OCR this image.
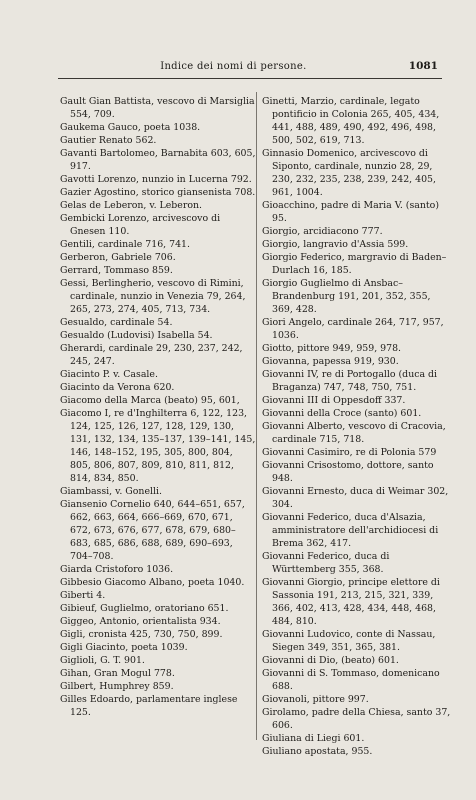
Indice dei nomi di persone.	1081

Gault Gian Battista, vescovo di Marsiglia 554, 709.

Gaukema Gauco, poeta 1038.

Gautier Renato 562.

Gavanti Bartolomeo, Barnabita 603, 605, 917.

Gavotti Lorenzo, nunzio in Lucerna 792.

Gazier Agostino, storico giansenista 708.

Gelas de Leberon, v. Leberon.

Gembicki Lorenzo, arcivescovo di Gnesen 110.

Gentili, cardinale 716, 741.

Gerberon, Gabriele 706.

Gerrard, Tommaso 859.

Gessi, Berlingherio, vescovo di Rimini, cardinale, nunzio in Venezia 79, 264, 265, 273, 274, 405, 713, 734.

Gesualdo, cardinale 54.

Gesualdo (Ludovisi) Isabella 54.

Gherardi, cardinale 29, 230, 237, 242, 245, 247.

Giacinto P. v. Casale.

Giacinto da Verona 620.

Giacomo della Marca (beato) 95, 601,

Giacomo I, re d'Inghilterra 6, 122, 123, 124, 125, 126, 127, 128, 129, 130, 131, 132, 134, 135–137, 139–141, 145, 146, 148–152, 195, 305, 800, 804, 805, 806, 807, 809, 810, 811, 812, 814, 834, 850.

Giambassi, v. Gonelli.

Giansenio Cornelio 640, 644–651, 657, 662, 663, 664, 666–669, 670, 671, 672, 673, 676, 677, 678, 679, 680–683, 685, 686, 688, 689, 690–693, 704–708.

Giarda Cristoforo 1036.

Gibbesio Giacomo Albano, poeta 1040.

Giberti 4.

Gibieuf, Guglielmo, oratoriano 651.

Giggeo, Antonio, orientalista 934.

Gigli, cronista 425, 730, 750, 899.

Gigli Giacinto, poeta 1039.

Giglioli, G. T. 901.

Gihan, Gran Mogul 778.

Gilbert, Humphrey 859.

Gilles Edoardo, parlamentare inglese 125.

Ginetti, Marzio, cardinale, legato pontificio in Colonia 265, 405, 434, 441, 488, 489, 490, 492, 496, 498, 500, 502, 619, 713.

Ginnasio Domenico, arcivescovo di Siponto, cardinale, nunzio 28, 29, 230, 232, 235, 238, 239, 242, 405, 961, 1004.

Gioacchino, padre di Maria V. (santo) 95.

Giorgio, arcidiacono 777.

Giorgio, langravio d'Assia 599.

Giorgio Federico, margravio di Baden–Durlach 16, 185.

Giorgio Guglielmo di Ansbac–Brandenburg 191, 201, 352, 355, 369, 428.

Giori Angelo, cardinale 264, 717, 957, 1036.

Giotto, pittore 949, 959, 978.

Giovanna, papessa 919, 930.

Giovanni IV, re di Portogallo (duca di Braganza) 747, 748, 750, 751.

Giovanni III di Oppesdoff 337.

Giovanni della Croce (santo) 601.

Giovanni Alberto, vescovo di Cracovia, cardinale 715, 718.

Giovanni Casimiro, re di Polonia 579

Giovanni Crisostomo, dottore, santo 948.

Giovanni Ernesto, duca di Weimar 302, 304.

Giovanni Federico, duca d'Alsazia, amministratore dell'archidiocesi di Brema 362, 417.

Giovanni Federico, duca di Württemberg 355, 368.

Giovanni Giorgio, principe elettore di Sassonia 191, 213, 215, 321, 339, 366, 402, 413, 428, 434, 448, 468, 484, 810.

Giovanni Ludovico, conte di Nassau, Siegen 349, 351, 365, 381.

Giovanni di Dio, (beato) 601.

Giovanni di S. Tommaso, domenicano 688.

Giovanoli, pittore 997.

Girolamo, padre della Chiesa, santo 37, 606.

Giuliana di Liegi 601.

Giuliano apostata, 955.
